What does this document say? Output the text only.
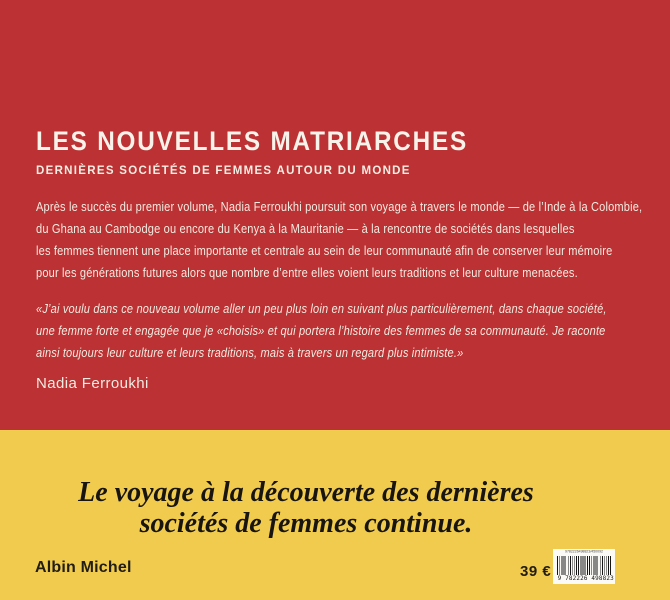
LES NOUVELLES MATRIARCHES
DERNIÈRES SOCIÉTÉS DE FEMMES AUTOUR DU MONDE
Après le succès du premier volume, Nadia Ferroukhi poursuit son voyage à travers le monde — de l’Inde à la Colombie,
du Ghana au Cambodge ou encore du Kenya à la Mauritanie — à la rencontre de sociétés dans lesquelles
les femmes tiennent une place importante et centrale au sein de leur communauté afin de conserver leur mémoire
pour les générations futures alors que nombre d’entre elles voient leurs traditions et leur culture menacées.
«J’ai voulu dans ce nouveau volume aller un peu plus loin en suivant plus particulièrement, dans chaque société,
une femme forte et engagée que je «choisis» et qui portera l’histoire des femmes de sa communauté. Je raconte
ainsi toujours leur culture et leurs traditions, mais à travers un regard plus intimiste.»
Nadia Ferroukhi
Le voyage à la découverte des dernières
sociétés de femmes continue.
Albin Michel	39 €
9782226498823/450092
9 782226 498823
